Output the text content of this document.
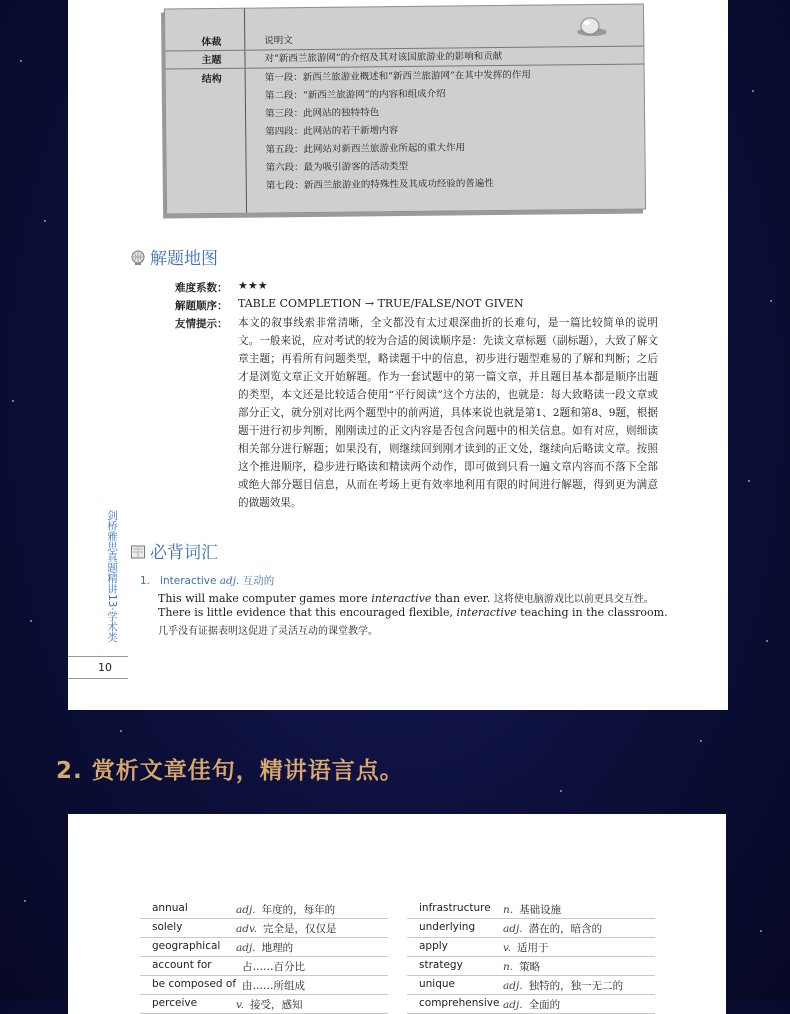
体裁	说明文
主题	对“新西兰旅游网”的介绍及其对该国旅游业的影响和贡献
结构	第一段：新西兰旅游业概述和“新西兰旅游网”在其中发挥的作用
第二段：“新西兰旅游网”的内容和组成介绍
第三段：此网站的独特特色
第四段：此网站的若干新增内容
第五段：此网站对新西兰旅游业所起的重大作用
第六段：最为吸引游客的活动类型
第七段：新西兰旅游业的特殊性及其成功经验的普遍性
解题地图
难度系数： ★★★
解题顺序： TABLE COMPLETION → TRUE/FALSE/NOT GIVEN
友情提示： 本文的叙事线索非常清晰，全文都没有太过艰深曲折的长难句，是一篇比较简单的说明文。一般来说，应对考试的较为合适的阅读顺序是：先读文章标题（副标题），大致了解文章主题；再看所有问题类型，略读题干中的信息，初步进行题型难易的了解和判断；之后才是浏览文章正文开始解题。作为一套试题中的第一篇文章，并且题目基本都是顺序出题的类型，本文还是比较适合使用“平行阅读”这个方法的，也就是：每大致略读一段文章或部分正文，就分别对比两个题型中的前两道，具体来说也就是第1、2题和第8、9题，根据题干进行初步判断，刚刚读过的正文内容是否包含问题中的相关信息。如有对应，则细读相关部分进行解题；如果没有，则继续回到刚才读到的正文处，继续向后略读文章。按照这个推进顺序，稳步进行略读和精读两个动作，即可做到只看一遍文章内容而不落下全部或绝大部分题目信息，从而在考场上更有效率地利用有限的时间进行解题，得到更为满意的做题效果。
剑桥雅思真题精讲13·学术类
10
必背词汇
1. interactive adj. 互动的
This will make computer games more interactive than ever. 这将使电脑游戏比以前更具交互性。
There is little evidence that this encouraged flexible, interactive teaching in the classroom.
几乎没有证据表明这促进了灵活互动的课堂教学。
2. 赏析文章佳句，精讲语言点。
annual	adj. 年度的，每年的
solely	adv. 完全是，仅仅是
geographical adj. 地理的
account for	占……百分比
be composed of 由……所组成
perceive	v. 接受，感知
infrastructure n. 基础设施
underlying	adj. 潜在的，暗含的
apply	v. 适用于
strategy	n. 策略
unique	adj. 独特的，独一无二的
comprehensive adj. 全面的
